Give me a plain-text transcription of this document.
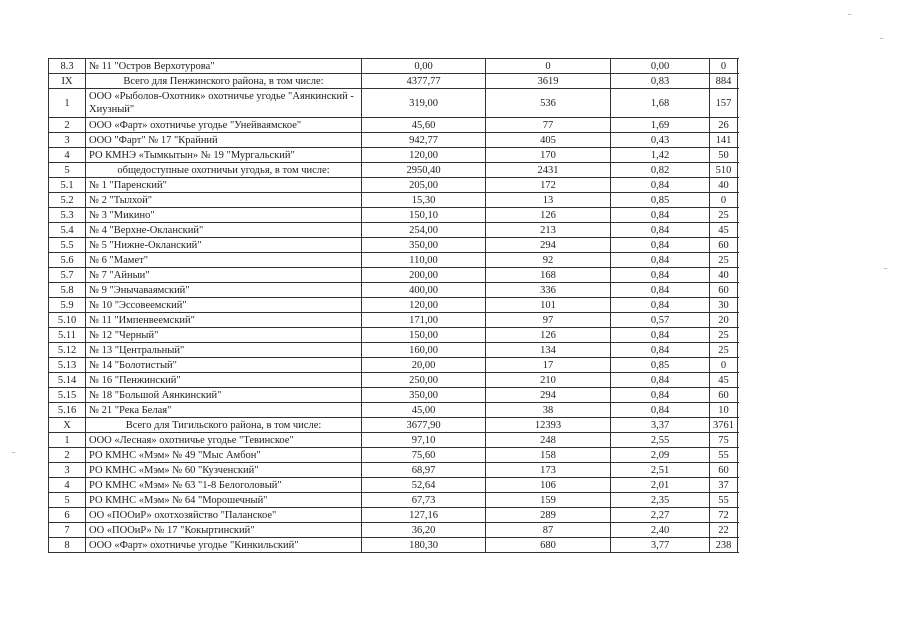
8.3	№ 11 "Остров Верхотурова"	0,00	0	0,00	0
IX	Всего для Пенжинского района, в том числе:	4377,77	3619	0,83	884
1	ООО «Рыболов-Охотник» охотничье угодье "Аянкинский - Хиузный"	319,00	536	1,68	157
2	ООО «Фарт» охотничье угодье "Унейваямское"	45,60	77	1,69	26
3	ООО "Фарт" № 17 "Крайний	942,77	405	0,43	141
4	РО КМНЭ «Тымкытын» № 19 "Мургальский"	120,00	170	1,42	50
5	общедоступные охотничьи угодья, в том числе:	2950,40	2431	0,82	510
5.1	№ 1 "Паренский"	205,00	172	0,84	40
5.2	№ 2 "Тылхой"	15,30	13	0,85	0
5.3	№ 3 "Микино"	150,10	126	0,84	25
5.4	№ 4 "Верхне-Окланский"	254,00	213	0,84	45
5.5	№ 5 "Нижне-Окланский"	350,00	294	0,84	60
5.6	№ 6 "Мамет"	110,00	92	0,84	25
5.7	№ 7 "Айныи"	200,00	168	0,84	40
5.8	№ 9 "Энычаваямский"	400,00	336	0,84	60
5.9	№ 10 "Эссовеемский"	120,00	101	0,84	30
5.10	№ 11 "Импенвеемский"	171,00	97	0,57	20
5.11	№ 12 "Черный"	150,00	126	0,84	25
5.12	№ 13 "Центральный"	160,00	134	0,84	25
5.13	№ 14 "Болотистый"	20,00	17	0,85	0
5.14	№ 16 "Пенжинский"	250,00	210	0,84	45
5.15	№ 18 "Большой Аянкинский"	350,00	294	0,84	60
5.16	№ 21 "Река Белая"	45,00	38	0,84	10
X	Всего для Тигильского района, в том числе:	3677,90	12393	3,37	3761
1	ООО «Лесная» охотничье угодье "Тевинское"	97,10	248	2,55	75
2	РО КМНС «Мэм» № 49 "Мыс Амбон"	75,60	158	2,09	55
3	РО КМНС «Мэм» № 60 "Кузченский"	68,97	173	2,51	60
4	РО КМНС «Мэм» № 63 "1-8 Белоголовый"	52,64	106	2,01	37
5	РО КМНС «Мэм» № 64 "Морошечный"	67,73	159	2,35	55
6	ОО «ПООиР» охотхозяйство "Паланское"	127,16	289	2,27	72
7	ОО «ПООиР» № 17 "Кокыртинский"	36,20	87	2,40	22
8	ООО «Фарт» охотничье угодье "Кинкильский"	180,30	680	3,77	238
